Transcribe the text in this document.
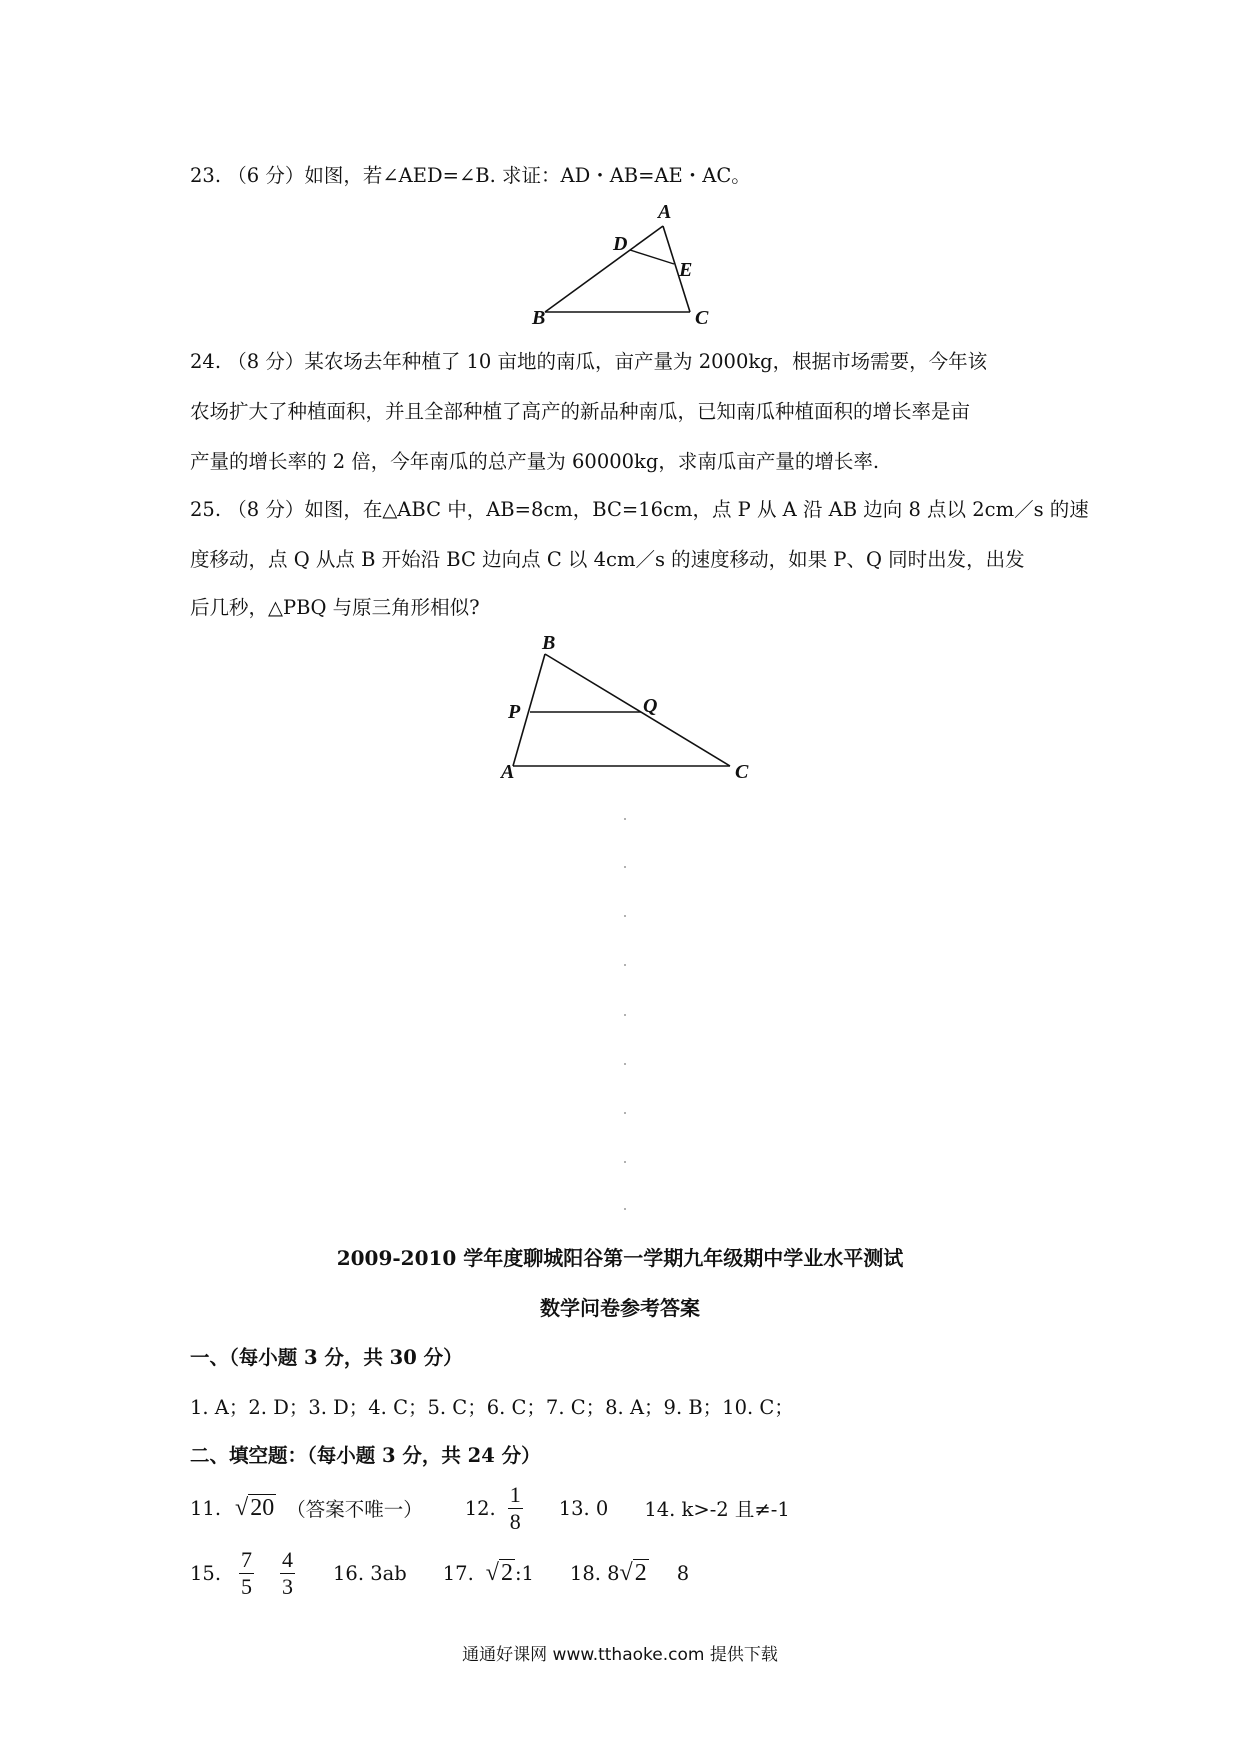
23. （6 分）如图，若∠AED=∠B. 求证：AD・AB=AE・AC。
A
B	C
D
E
24. （8 分）某农场去年种植了 10 亩地的南瓜，亩产量为 2000kg，根据市场需要，今年该
农场扩大了种植面积，并且全部种植了高产的新品种南瓜，已知南瓜种植面积的增长率是亩
产量的增长率的 2 倍，今年南瓜的总产量为 60000kg，求南瓜亩产量的增长率.
25. （8 分）如图，在△ABC 中，AB=8cm，BC=16cm，点 P 从 A 沿 AB 边向 8 点以 2cm／s 的速
度移动，点 Q 从点 B 开始沿 BC 边向点 C 以 4cm／s 的速度移动，如果 P、Q 同时出发，出发
后几秒，△PBQ 与原三角形相似?
B
A	C
P	Q
2009-2010 学年度聊城阳谷第一学期九年级期中学业水平测试
数学问卷参考答案
一、（每小题 3 分，共 30 分）
1. A；2. D；3. D；4. C；5. C；6. C；7. C；8. A；9. B；10. C；
二、填空题：（每小题 3 分，共 24 分）
11. √20 （答案不唯一） 12. $\frac{1}{8} 13$. 0 14. k>-2 且≠-1
15. $\frac{7}{5} \frac{4}{3} 16$. 3ab 17. √2 :1 18. 8 √2 8
通通好课网 www.tthaoke.com 提供下载
